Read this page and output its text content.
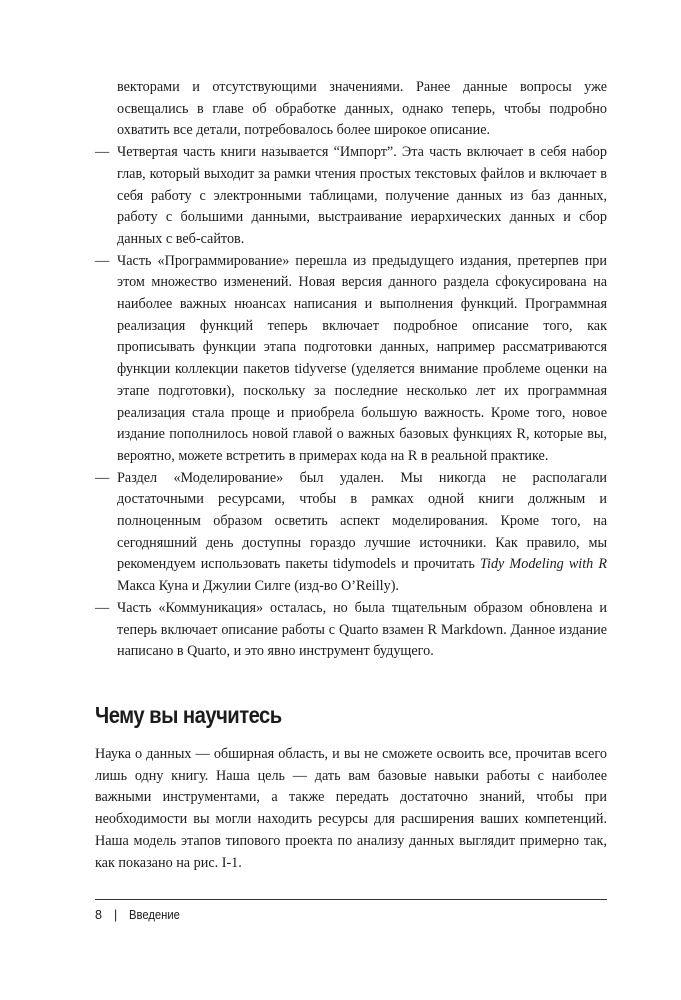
векторами и отсутствующими значениями. Ранее данные вопросы уже освещались в главе об обработке данных, однако теперь, чтобы подробно охватить все детали, потребовалось более широкое описание.

— Четвертая часть книги называется “Импорт”. Эта часть включает в себя набор глав, который выходит за рамки чтения простых текстовых файлов и включает в себя работу с электронными таблицами, получение данных из баз данных, работу с большими данными, выстраивание иерархических данных и сбор данных с веб-сайтов.
— Часть «Программирование» перешла из предыдущего издания, претерпев при этом множество изменений. Новая версия данного раздела сфокусирована на наиболее важных нюансах написания и выполнения функций. Программная реализация функций теперь включает подробное описание того, как прописывать функции этапа подготовки данных, например рассматриваются функции коллекции пакетов tidyverse (уделяется внимание проблеме оценки на этапе подготовки), поскольку за последние несколько лет их программная реализация стала проще и приобрела большую важность. Кроме того, новое издание пополнилось новой главой о важных базовых функциях R, которые вы, вероятно, можете встретить в примерах кода на R в реальной практике.
— Раздел «Моделирование» был удален. Мы никогда не располагали достаточными ресурсами, чтобы в рамках одной книги должным и полноценным образом осветить аспект моделирования. Кроме того, на сегодняшний день доступны гораздо лучшие источники. Как правило, мы рекомендуем использовать пакеты tidymodels и прочитать Tidy Modeling with R Макса Куна и Джулии Силге (изд-во O’Reilly).
— Часть «Коммуникация» осталась, но была тщательным образом обновлена и теперь включает описание работы с Quarto взамен R Markdown. Данное издание написано в Quarto, и это явно инструмент будущего.
Чему вы научитесь

Наука о данных — обширная область, и вы не сможете освоить все, прочитав всего лишь одну книгу. Наша цель — дать вам базовые навыки работы с наиболее важными инструментами, а также передать достаточно знаний, чтобы при необходимости вы могли находить ресурсы для расширения ваших компетенций. Наша модель этапов типового проекта по анализу данных выглядит примерно так, как показано на рис. I-1.

8 | Введение
